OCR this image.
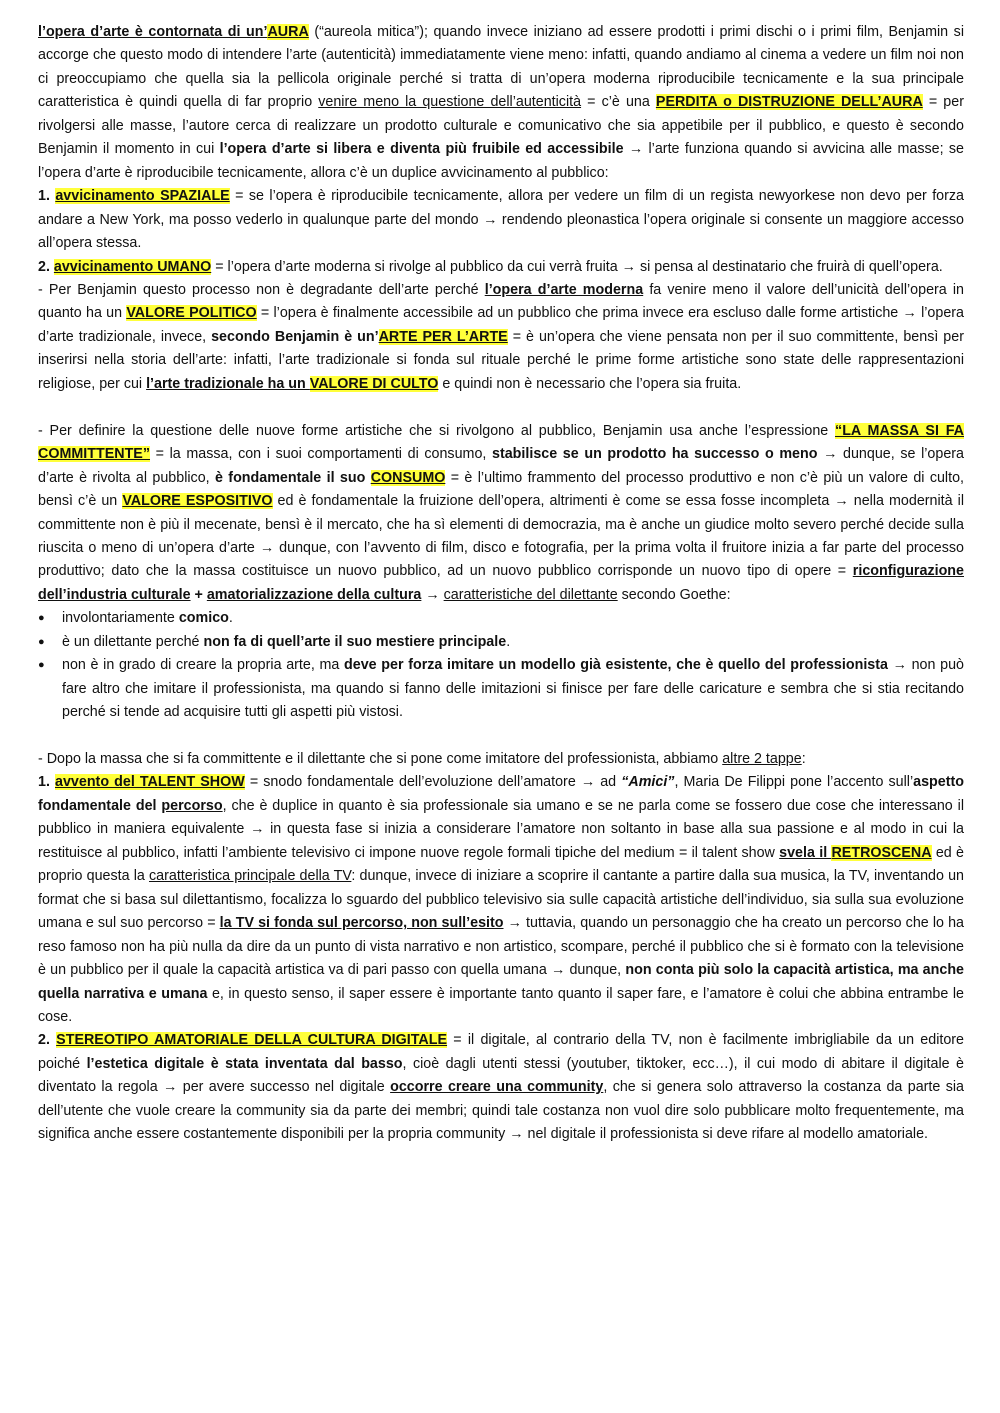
l’opera d’arte è contornata di un’AURA (“aureola mitica”); quando invece iniziano ad essere prodotti i primi dischi o i primi film, Benjamin si accorge che questo modo di intendere l’arte (autenticità) immediatamente viene meno: infatti, quando andiamo al cinema a vedere un film noi non ci preoccupiamo che quella sia la pellicola originale perché si tratta di un’opera moderna riproducibile tecnicamente e la sua principale caratteristica è quindi quella di far proprio venire meno la questione dell’autenticità = c’è una PERDITA o DISTRUZIONE DELL’AURA = per rivolgersi alle masse, l’autore cerca di realizzare un prodotto culturale e comunicativo che sia appetibile per il pubblico, e questo è secondo Benjamin il momento in cui l’opera d’arte si libera e diventa più fruibile ed accessibile → l’arte funziona quando si avvicina alle masse; se l’opera d’arte è riproducibile tecnicamente, allora c’è un duplice avvicinamento al pubblico:

1. avvicinamento SPAZIALE = se l’opera è riproducibile tecnicamente, allora per vedere un film di un regista newyorkese non devo per forza andare a New York, ma posso vederlo in qualunque parte del mondo → rendendo pleonastica l’opera originale si consente un maggiore accesso all’opera stessa.

2. avvicinamento UMANO = l’opera d’arte moderna si rivolge al pubblico da cui verrà fruita → si pensa al destinatario che fruirà di quell’opera.

- Per Benjamin questo processo non è degradante dell’arte perché l’opera d’arte moderna fa venire meno il valore dell’unicità dell’opera in quanto ha un VALORE POLITICO = l’opera è finalmente accessibile ad un pubblico che prima invece era escluso dalle forme artistiche → l’opera d’arte tradizionale, invece, secondo Benjamin è un’ARTE PER L’ARTE = è un’opera che viene pensata non per il suo committente, bensì per inserirsi nella storia dell’arte: infatti, l’arte tradizionale si fonda sul rituale perché le prime forme artistiche sono state delle rappresentazioni religiose, per cui l’arte tradizionale ha un VALORE DI CULTO e quindi non è necessario che l’opera sia fruita.

- Per definire la questione delle nuove forme artistiche che si rivolgono al pubblico, Benjamin usa anche l’espressione “LA MASSA SI FA COMMITTENTE” = la massa, con i suoi comportamenti di consumo, stabilisce se un prodotto ha successo o meno → dunque, se l’opera d’arte è rivolta al pubblico, è fondamentale il suo CONSUMO = è l’ultimo frammento del processo produttivo e non c’è più un valore di culto, bensì c’è un VALORE ESPOSITIVO ed è fondamentale la fruizione dell’opera, altrimenti è come se essa fosse incompleta → nella modernità il committente non è più il mecenate, bensì è il mercato, che ha sì elementi di democrazia, ma è anche un giudice molto severo perché decide sulla riuscita o meno di un’opera d’arte → dunque, con l’avvento di film, disco e fotografia, per la prima volta il fruitore inizia a far parte del processo produttivo; dato che la massa costituisce un nuovo pubblico, ad un nuovo pubblico corrisponde un nuovo tipo di opere = riconfigurazione dell’industria culturale + amatorializzazione della cultura → caratteristiche del dilettante secondo Goethe:

● involontariamente comico.
● è un dilettante perché non fa di quell’arte il suo mestiere principale.
● non è in grado di creare la propria arte, ma deve per forza imitare un modello già esistente, che è quello del professionista → non può fare altro che imitare il professionista, ma quando si fanno delle imitazioni si finisce per fare delle caricature e sembra che si stia recitando perché si tende ad acquisire tutti gli aspetti più vistosi.

- Dopo la massa che si fa committente e il dilettante che si pone come imitatore del professionista, abbiamo altre 2 tappe:

1. avvento del TALENT SHOW = snodo fondamentale dell’evoluzione dell’amatore → ad “Amici”, Maria De Filippi pone l’accento sull’aspetto fondamentale del percorso, che è duplice in quanto è sia professionale sia umano e se ne parla come se fossero due cose che interessano il pubblico in maniera equivalente → in questa fase si inizia a considerare l’amatore non soltanto in base alla sua passione e al modo in cui la restituisce al pubblico, infatti l’ambiente televisivo ci impone nuove regole formali tipiche del medium = il talent show svela il RETROSCENA ed è proprio questa la caratteristica principale della TV: dunque, invece di iniziare a scoprire il cantante a partire dalla sua musica, la TV, inventando un format che si basa sul dilettantismo, focalizza lo sguardo del pubblico televisivo sia sulle capacità artistiche dell’individuo, sia sulla sua evoluzione umana e sul suo percorso = la TV si fonda sul percorso, non sull’esito → tuttavia, quando un personaggio che ha creato un percorso che lo ha reso famoso non ha più nulla da dire da un punto di vista narrativo e non artistico, scompare, perché il pubblico che si è formato con la televisione è un pubblico per il quale la capacità artistica va di pari passo con quella umana → dunque, non conta più solo la capacità artistica, ma anche quella narrativa e umana e, in questo senso, il saper essere è importante tanto quanto il saper fare, e l’amatore è colui che abbina entrambe le cose.

2. STEREOTIPO AMATORIALE DELLA CULTURA DIGITALE = il digitale, al contrario della TV, non è facilmente imbrigliabile da un editore poiché l’estetica digitale è stata inventata dal basso, cioè dagli utenti stessi (youtuber, tiktoker, ecc…), il cui modo di abitare il digitale è diventato la regola → per avere successo nel digitale occorre creare una community, che si genera solo attraverso la costanza da parte sia dell’utente che vuole creare la community sia da parte dei membri; quindi tale costanza non vuol dire solo pubblicare molto frequentemente, ma significa anche essere costantemente disponibili per la propria community → nel digitale il professionista si deve rifare al modello amatoriale.
